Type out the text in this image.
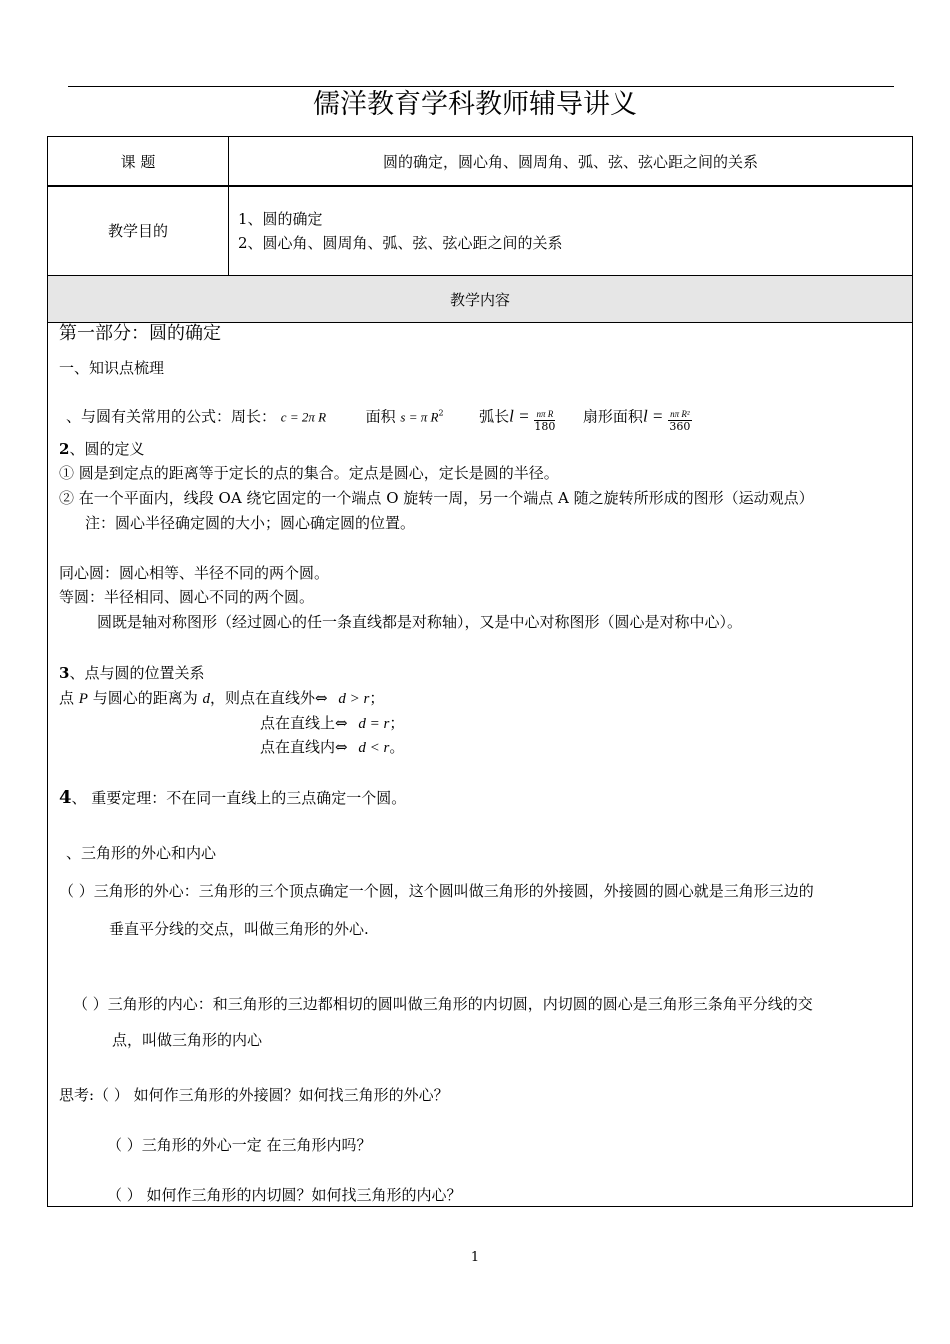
儒洋教育学科教师辅导讲义
课 题	圆的确定，圆心角、圆周角、弧、弦、弦心距之间的关系
教学目的
1、圆的确定
2、圆心角、圆周角、弧、弦、弦心距之间的关系
教学内容
第一部分：圆的确定
一、知识点梳理
、与圆有关常用的公式：周长： c = 2π R	面积 s = π $R^2$ 弧长$l = \frac{\text{nπ R}}{180}$ 扇形面积$l = \frac{\text{nπ R²}}{360}$
2、圆的定义
① 圆是到定点的距离等于定长的点的集合。定点是圆心，定长是圆的半径。
② 在一个平面内，线段 OA 绕它固定的一个端点 O 旋转一周，另一个端点 A 随之旋转所形成的图形（运动观点）
注：圆心半径确定圆的大小；圆心确定圆的位置。
同心圆：圆心相等、半径不同的两个圆。
等圆：半径相同、圆心不同的两个圆。
圆既是轴对称图形（经过圆心的任一条直线都是对称轴），又是中心对称图形（圆心是对称中心）。
3、点与圆的位置关系
点 P 与圆心的距离为 d，则点在直线外⇔ d > r；
点在直线上⇔ d = r；
点在直线内⇔ d < r。
4、 重要定理：不在同一直线上的三点确定一个圆。
、三角形的外心和内心
（ ）三角形的外心：三角形的三个顶点确定一个圆，这个圆叫做三角形的外接圆，外接圆的圆心就是三角形三边的
垂直平分线的交点，叫做三角形的外心.
（ ）三角形的内心：和三角形的三边都相切的圆叫做三角形的内切圆，内切圆的圆心是三角形三条角平分线的交
点，叫做三角形的内心
思考:（ ） 如何作三角形的外接圆？如何找三角形的外心？
（ ）三角形的外心一定 在三角形内吗？
（ ） 如何作三角形的内切圆？如何找三角形的内心？
1
